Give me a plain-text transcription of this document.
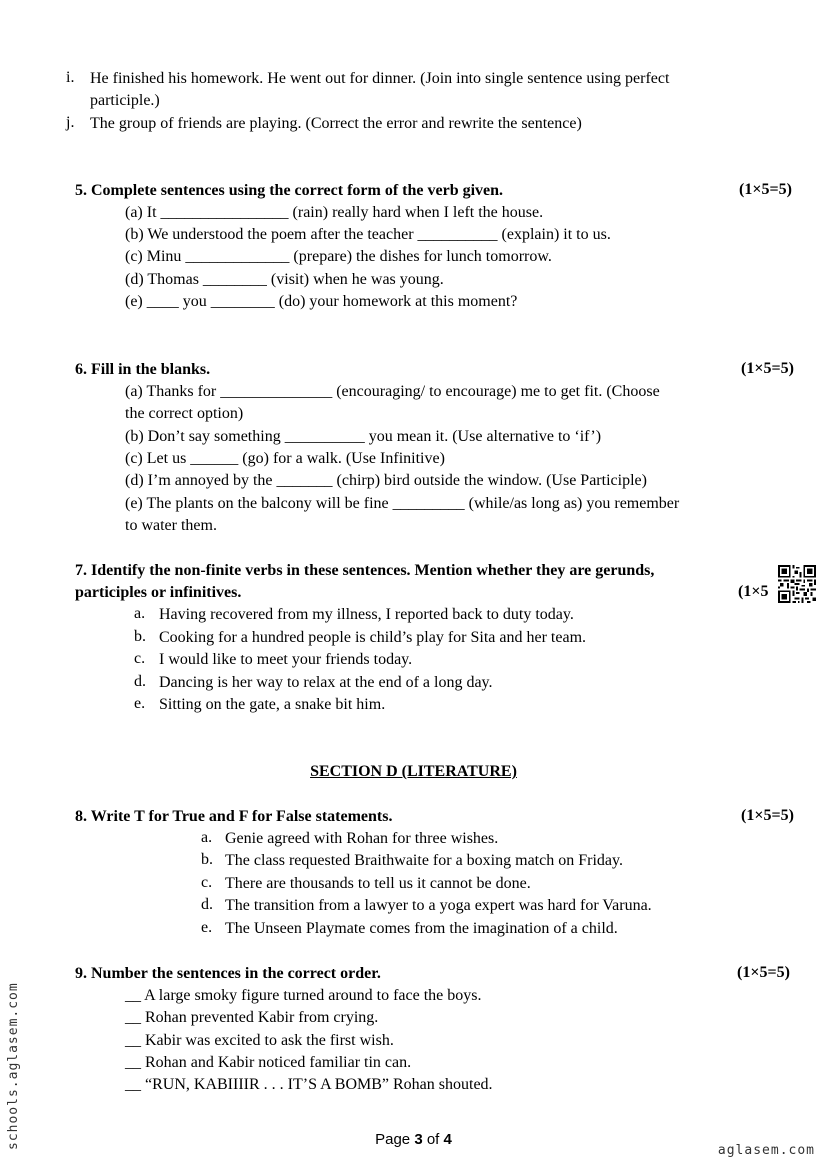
i. He finished his homework. He went out for dinner. (Join into single sentence using perfect
participle.)
j. The group of friends are playing. (Correct the error and rewrite the sentence)
5. Complete sentences using the correct form of the verb given.	(1×5=5)
(a) It ________________ (rain) really hard when I left the house.
(b) We understood the poem after the teacher __________ (explain) it to us.
(c) Minu _____________ (prepare) the dishes for lunch tomorrow.
(d) Thomas ________ (visit) when he was young.
(e) ____ you ________ (do) your homework at this moment?
6. Fill in the blanks.	(1×5=5)
(a) Thanks for ______________ (encouraging/ to encourage) me to get fit. (Choose
the correct option)
(b) Don’t say something __________ you mean it. (Use alternative to ‘if’)
(c) Let us ______ (go) for a walk. (Use Infinitive)
(d) I’m annoyed by the _______ (chirp) bird outside the window. (Use Participle)
(e) The plants on the balcony will be fine _________ (while/as long as) you remember
to water them.
7. Identify the non-finite verbs in these sentences. Mention whether they are gerunds,
participles or infinitives.	(1×5
a. Having recovered from my illness, I reported back to duty today.
b. Cooking for a hundred people is child’s play for Sita and her team.
c. I would like to meet your friends today.
d. Dancing is her way to relax at the end of a long day.
e. Sitting on the gate, a snake bit him.
SECTION D (LITERATURE)
8. Write T for True and F for False statements.	(1×5=5)
a. Genie agreed with Rohan for three wishes.
b. The class requested Braithwaite for a boxing match on Friday.
c. There are thousands to tell us it cannot be done.
d. The transition from a lawyer to a yoga expert was hard for Varuna.
e. The Unseen Playmate comes from the imagination of a child.
9. Number the sentences in the correct order.	(1×5=5)
__ A large smoky figure turned around to face the boys.
__ Rohan prevented Kabir from crying.
__ Kabir was excited to ask the first wish.
__ Rohan and Kabir noticed familiar tin can.
__ “RUN, KABIIIIR . . . IT’S A BOMB” Rohan shouted.
schools.aglasem.com	Page 3 of 4
aglasem.com
